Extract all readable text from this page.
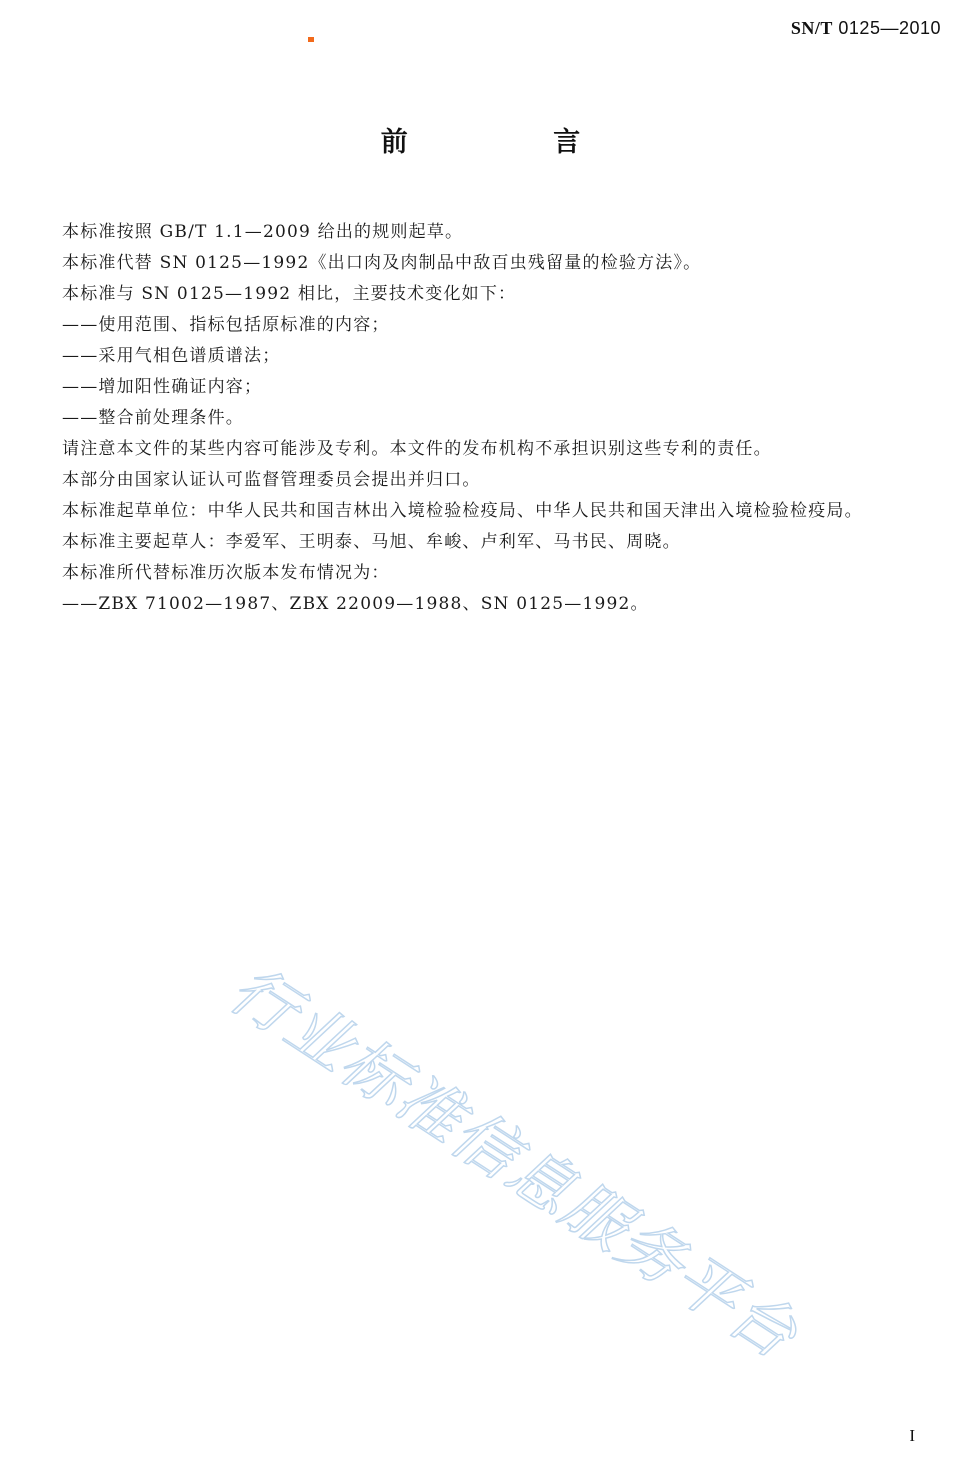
SN/T 0125—2010
前 言

本标准按照 GB/T 1.1—2009 给出的规则起草。

本标准代替 SN 0125—1992《出口肉及肉制品中敌百虫残留量的检验方法》。

本标准与 SN 0125—1992 相比，主要技术变化如下：

——使用范围、指标包括原标准的内容；

——采用气相色谱质谱法；

——增加阳性确证内容；

——整合前处理条件。

请注意本文件的某些内容可能涉及专利。本文件的发布机构不承担识别这些专利的责任。

本部分由国家认证认可监督管理委员会提出并归口。

本标准起草单位：中华人民共和国吉林出入境检验检疫局、中华人民共和国天津出入境检验检疫局。

本标准主要起草人：李爱军、王明泰、马旭、牟峻、卢利军、马书民、周晓。

本标准所代替标准历次版本发布情况为：

——ZBX 71002—1987、ZBX 22009—1988、SN 0125—1992。

行业标准信息服务平台
I
